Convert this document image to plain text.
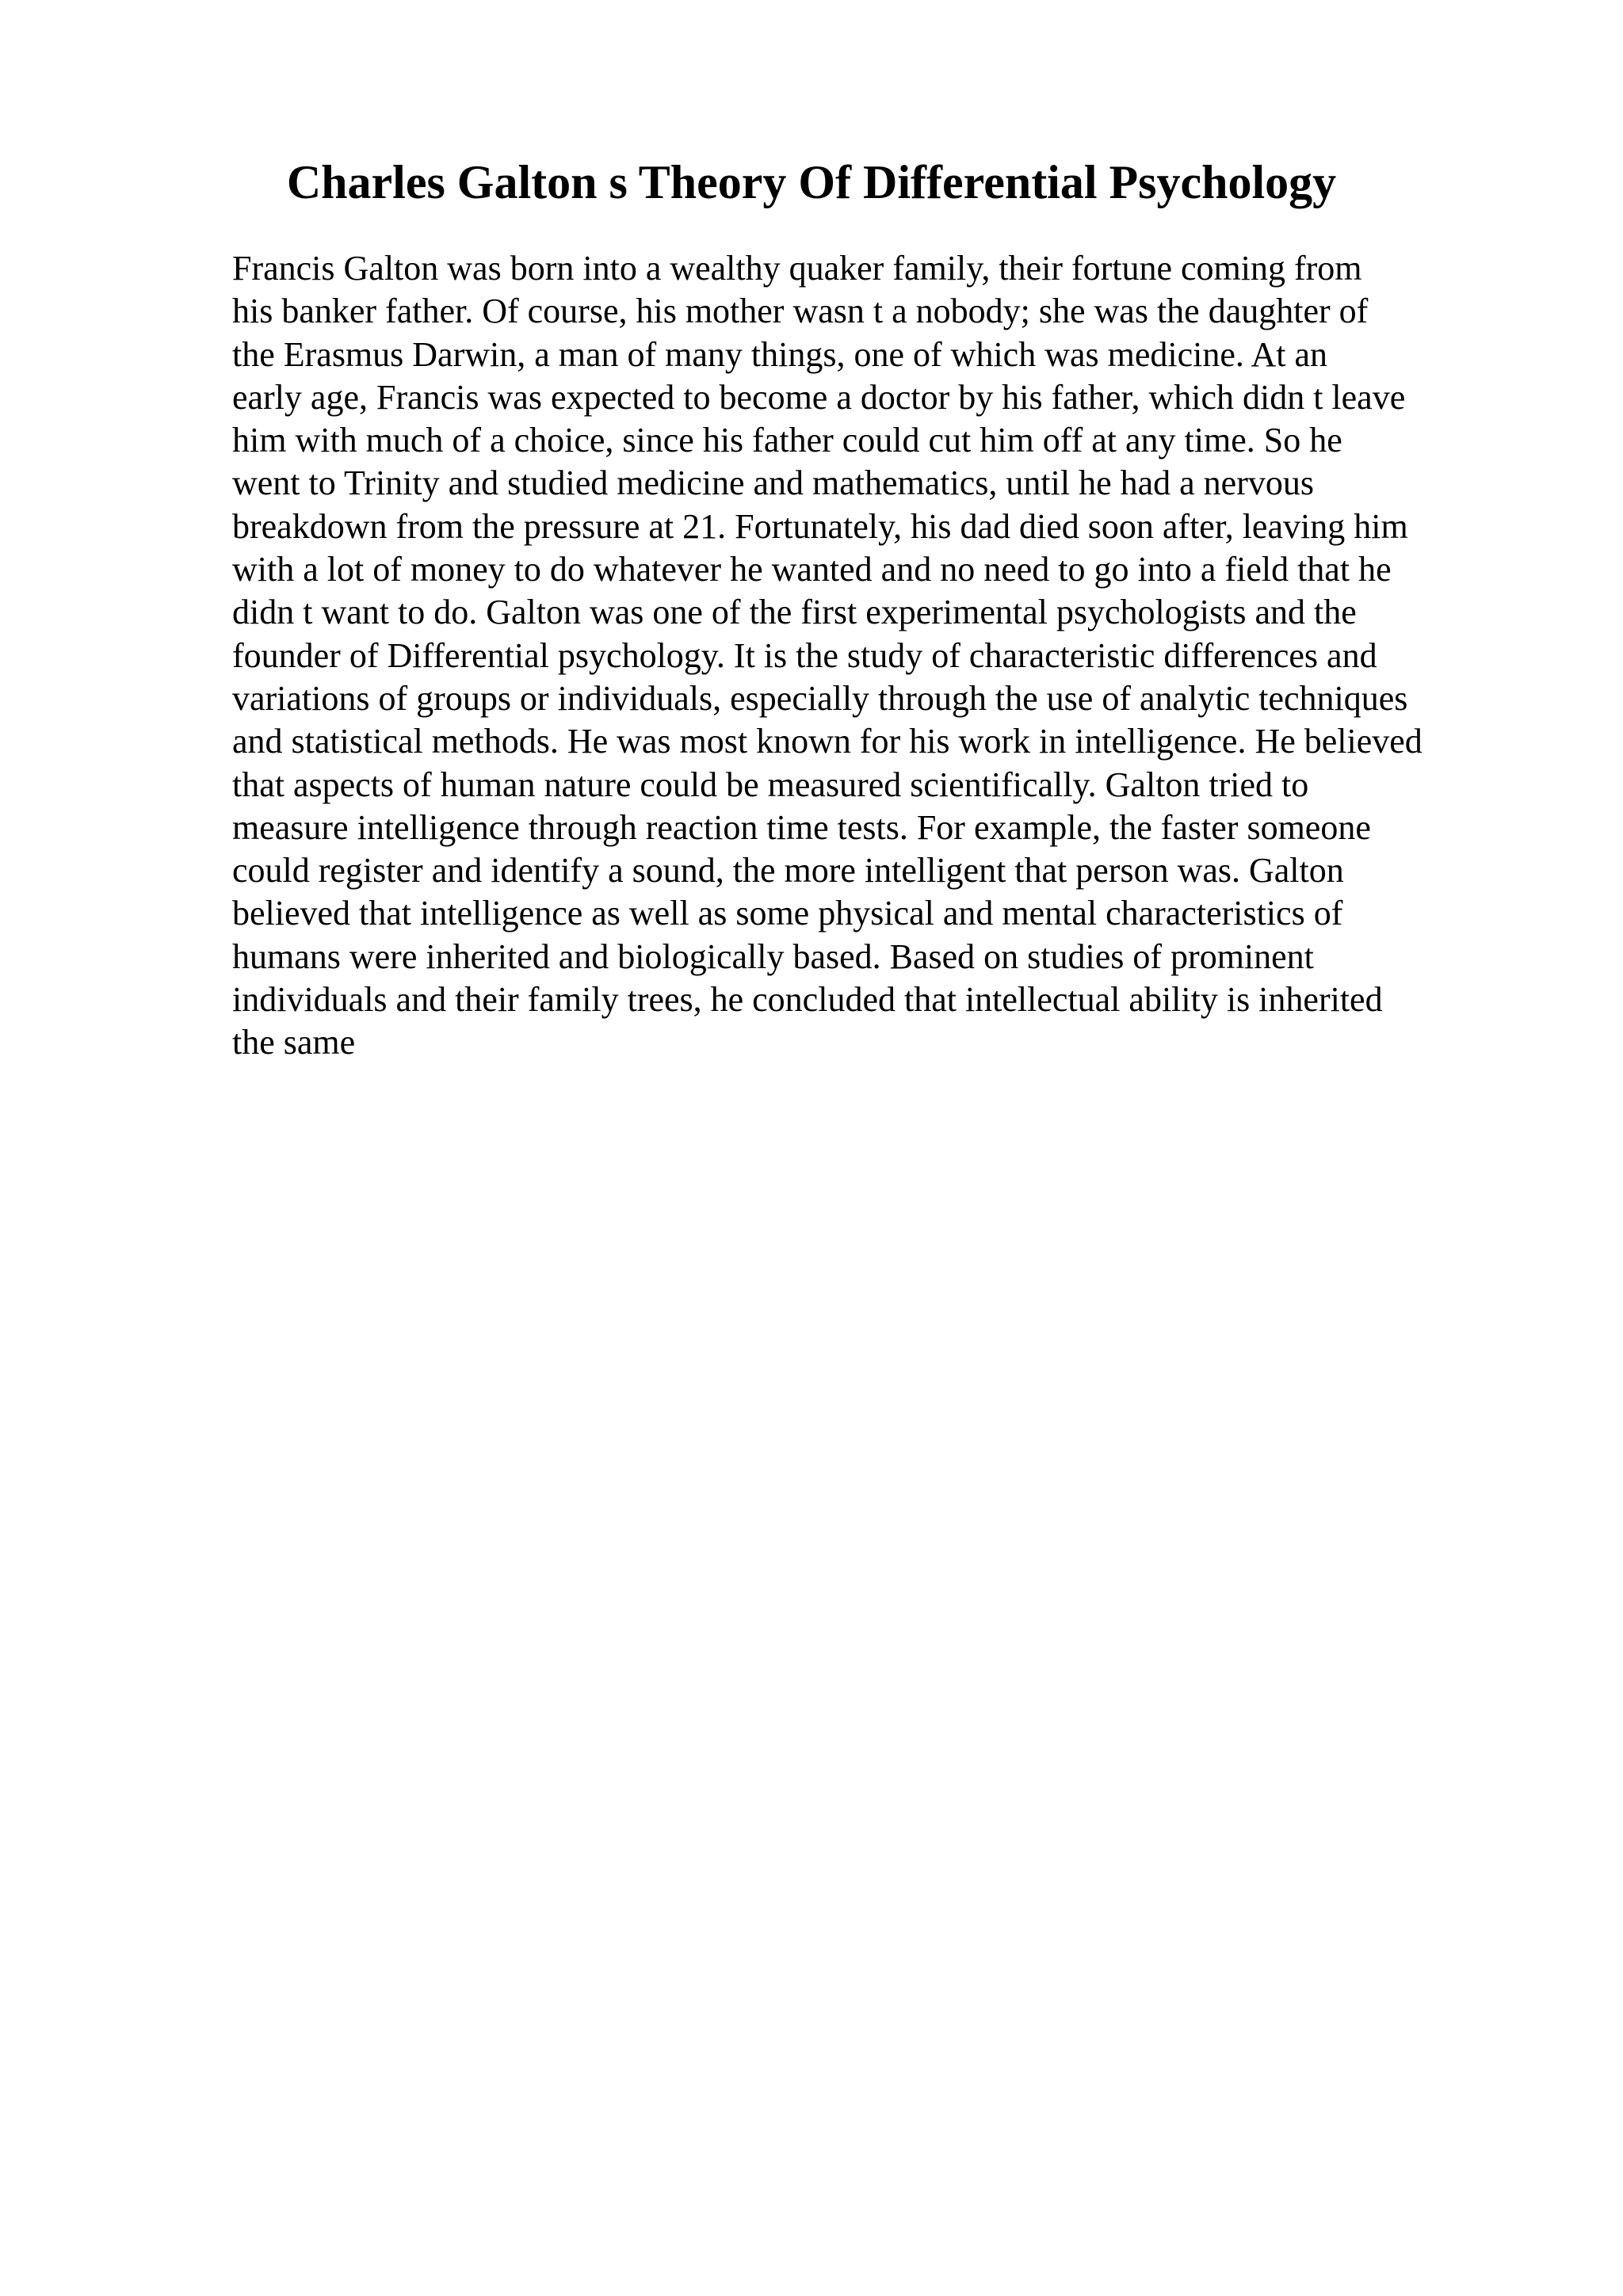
Charles Galton s Theory Of Differential Psychology
Francis Galton was born into a wealthy quaker family, their fortune coming from
his banker father. Of course, his mother wasn t a nobody; she was the daughter of
the Erasmus Darwin, a man of many things, one of which was medicine. At an
early age, Francis was expected to become a doctor by his father, which didn t leave
him with much of a choice, since his father could cut him off at any time. So he
went to Trinity and studied medicine and mathematics, until he had a nervous
breakdown from the pressure at 21. Fortunately, his dad died soon after, leaving him
with a lot of money to do whatever he wanted and no need to go into a field that he
didn t want to do. Galton was one of the first experimental psychologists and the
founder of Differential psychology. It is the study of characteristic differences and
variations of groups or individuals, especially through the use of analytic techniques
and statistical methods. He was most known for his work in intelligence. He believed
that aspects of human nature could be measured scientifically. Galton tried to
measure intelligence through reaction time tests. For example, the faster someone
could register and identify a sound, the more intelligent that person was. Galton
believed that intelligence as well as some physical and mental characteristics of
humans were inherited and biologically based. Based on studies of prominent
individuals and their family trees, he concluded that intellectual ability is inherited
the same
